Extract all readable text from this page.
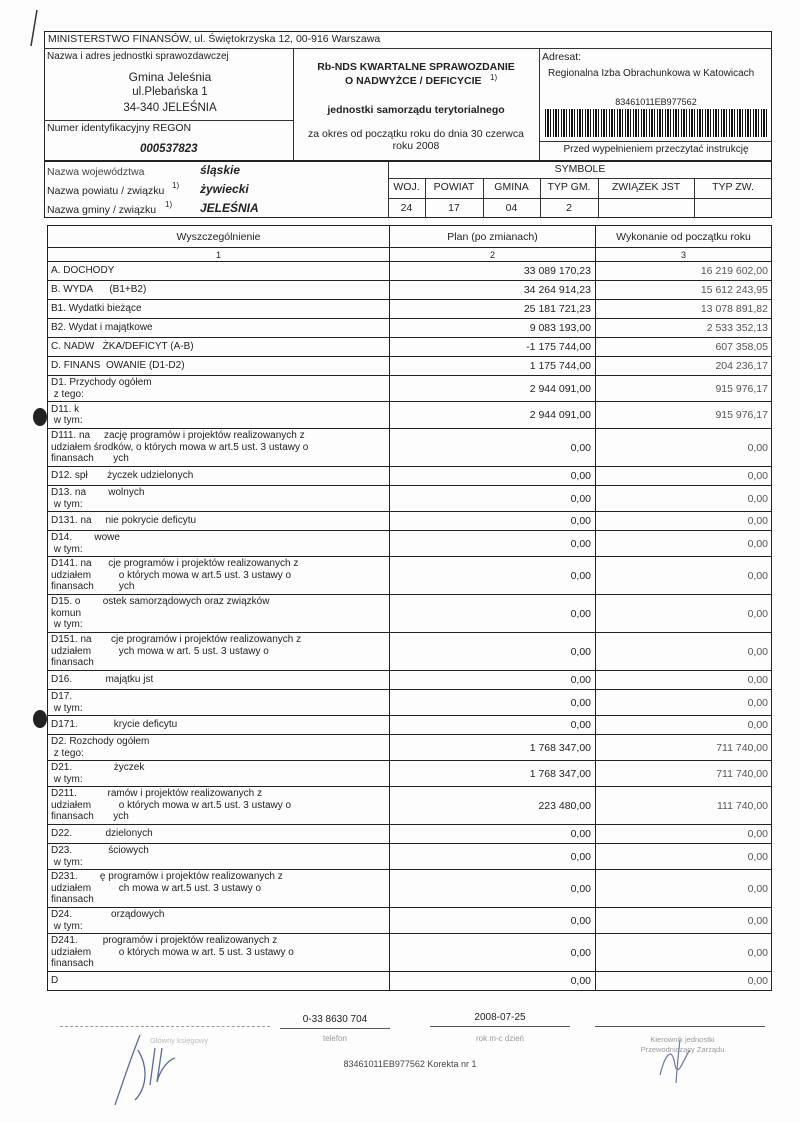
MINISTERSTWO FINANSÓW, ul. Świętokrzyska 12, 00-916 Warszawa
Nazwa i adres jednostki sprawozdawczej
Gmina Jeleśnia
ul.Plebańska 1
34-340 JELEŚNIA
Numer identyfikacyjny REGON
000537823
Rb-NDS KWARTALNE SPRAWOZDANIE
O NADWYŻCE / DEFICYCIE 1)
jednostki samorządu terytorialnego
za okres od początku roku do dnia 30 czerwca
roku 2008
Adresat:
Regionalna Izba Obrachunkowa w Katowicach
83461011EB977562
Przed wypełnieniem przeczytać instrukcję
Nazwa województwa	śląskie
Nazwa powiatu / związku 1) żywiecki
Nazwa gminy / związku 1) JELEŚNIA
SYMBOLE
WOJ.	POWIAT	GMINA	TYP GM.	ZWIĄZEK JST	TYP ZW.
24	17	04	2
Wyszczególnienie	Plan (po zmianach)	Wykonanie od początku roku
1	2	3
A. DOCHODY	33 089 170,23	16 219 602,00
B. WYDA      (B1+B2)	34 264 914,23	15 612 243,95
B1. Wydatki bieżące	25 181 721,23	13 078 891,82
B2. Wydat i majątkowe	9 083 193,00	2 533 352,13
C. NADW   ŻKA/DEFICYT (A-B)	-1 175 744,00	607 358,05
D. FINANS  OWANIE (D1-D2)	1 175 744,00	204 236,17
D1. Przychody ogółem
z tego:	2 944 091,00	915 976,17
D11. k
w tym:	2 944 091,00	915 976,17
D111. na     zację programów i projektów realizowanych z
udziałem środków, o których mowa w art.5 ust. 3 ustawy o
finansach       ych	0,00	0,00
D12. spł       życzek udzielonych	0,00	0,00
D13. na        wolnych
w tym:	0,00	0,00
D131. na     nie pokrycie deficytu	0,00	0,00
D14.        wowe
w tym:	0,00	0,00
D141. na      cje programów i projektów realizowanych z
udziałem          o których mowa w art.5 ust. 3 ustawy o
finansach         ych	0,00	0,00
D15. o        ostek samorządowych oraz związków
komun
w tym:	0,00	0,00
D151. na       cje programów i projektów realizowanych z
udziałem          ych mowa w art. 5 ust. 3 ustawy o
finansach	0,00	0,00
D16.            majątku jst	0,00	0,00
D17.
w tym:	0,00	0,00
D171.             krycie deficytu	0,00	0,00
D2. Rozchody ogółem
z tego:	1 768 347,00	711 740,00
D21.               życzek
w tym:	1 768 347,00	711 740,00
D211.           ramów i projektów realizowanych z
udziałem          o których mowa w art.5 ust. 3 ustawy o
finansach       ych	223 480,00	111 740,00
D22.            dzielonych	0,00	0,00
D23.             ściowych
w tym:	0,00	0,00
D231.        ę programów i projektów realizowanych z
udziałem          ch mowa w art.5 ust. 3 ustawy o
finansach	0,00	0,00
D24.              orządowych
w tym:	0,00	0,00
D241.         programów i projektów realizowanych z
udziałem          o których mowa w art. 5 ust. 3 ustawy o
finansach	0,00	0,00
D	0,00	0,00
0-33 8630 704
telefon
2008-07-25
rok m-c dzień
Główny księgowy	Kierownik jednostki
Przewodniczący Zarządu
83461011EB977562 Korekta nr 1
